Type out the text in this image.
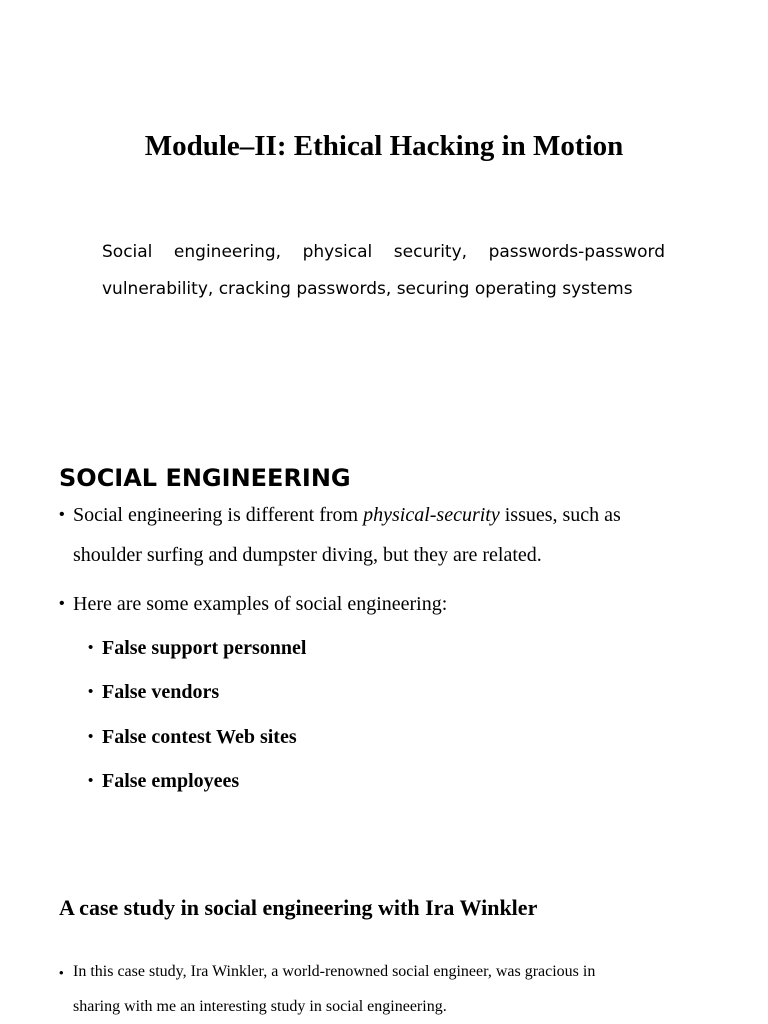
Module–II: Ethical Hacking in Motion
Social engineering, physical security, passwords-password
vulnerability, cracking passwords, securing operating systems
SOCIAL ENGINEERING
• Social engineering is different from physical-security issues, such as
shoulder surfing and dumpster diving, but they are related.
• Here are some examples of social engineering:
• False support personnel
• False vendors
• False contest Web sites
• False employees
A case study in social engineering with Ira Winkler
• In this case study, Ira Winkler, a world-renowned social engineer, was gracious in
sharing with me an interesting study in social engineering.
